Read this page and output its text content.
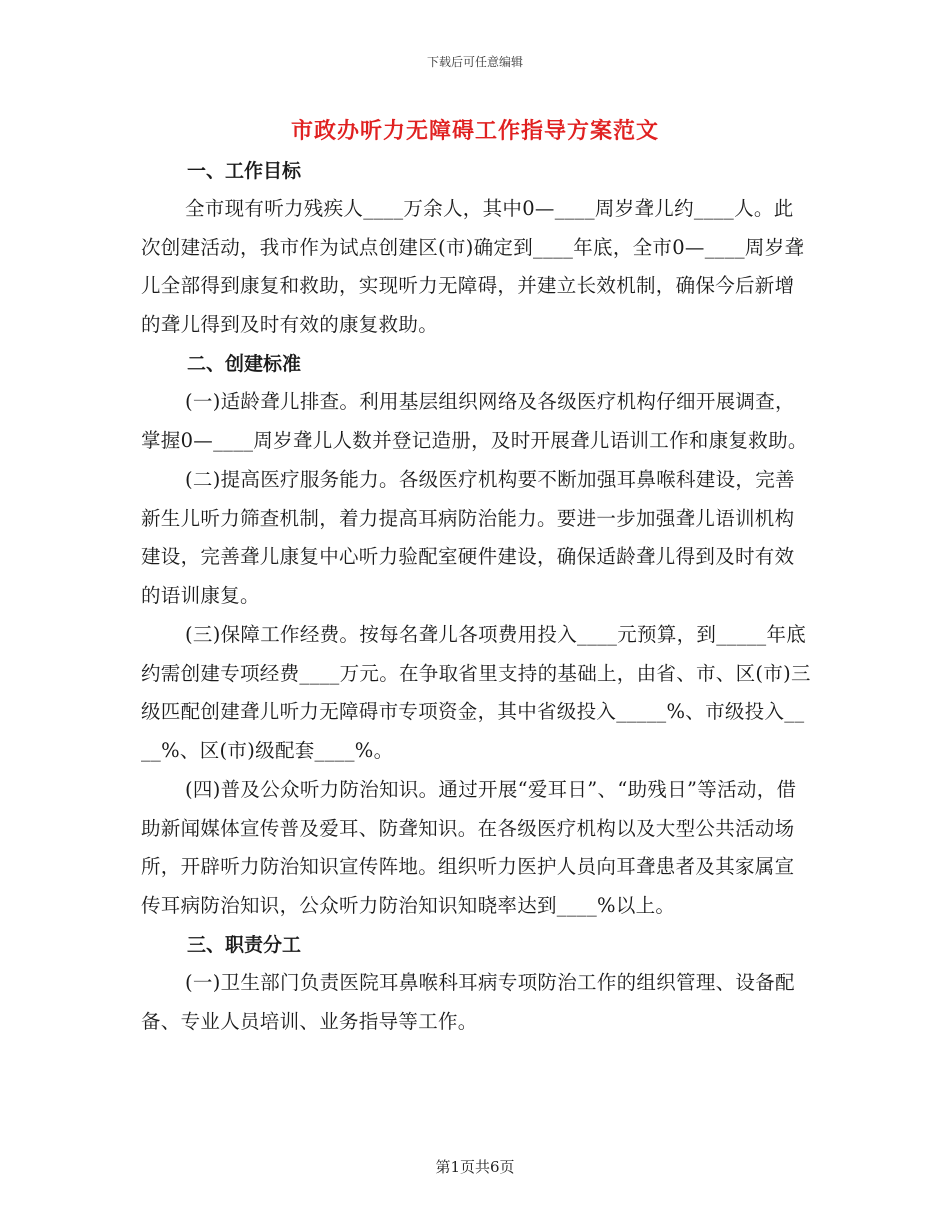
下载后可任意编辑
市政办听力无障碍工作指导方案范文
一、工作目标

全市现有听力残疾人____万余人，其中0—____周岁聋儿约____人。此次创建活动，我市作为试点创建区(市)确定到____年底，全市0—____周岁聋儿全部得到康复和救助，实现听力无障碍，并建立长效机制，确保今后新增的聋儿得到及时有效的康复救助。

二、创建标准

(一)适龄聋儿排查。利用基层组织网络及各级医疗机构仔细开展调查，掌握0—____周岁聋儿人数并登记造册，及时开展聋儿语训工作和康复救助。

(二)提高医疗服务能力。各级医疗机构要不断加强耳鼻喉科建设，完善新生儿听力筛查机制，着力提高耳病防治能力。要进一步加强聋儿语训机构建设，完善聋儿康复中心听力验配室硬件建设，确保适龄聋儿得到及时有效的语训康复。

(三)保障工作经费。按每名聋儿各项费用投入____元预算，到_____年底约需创建专项经费____万元。在争取省里支持的基础上，由省、市、区(市)三级匹配创建聋儿听力无障碍市专项资金，其中省级投入_____%、市级投入____%、区(市)级配套____%。

(四)普及公众听力防治知识。通过开展“爱耳日”、“助残日”等活动，借助新闻媒体宣传普及爱耳、防聋知识。在各级医疗机构以及大型公共活动场所，开辟听力防治知识宣传阵地。组织听力医护人员向耳聋患者及其家属宣传耳病防治知识，公众听力防治知识知晓率达到____%以上。

三、职责分工

(一)卫生部门负责医院耳鼻喉科耳病专项防治工作的组织管理、设备配备、专业人员培训、业务指导等工作。

第1页共6页
